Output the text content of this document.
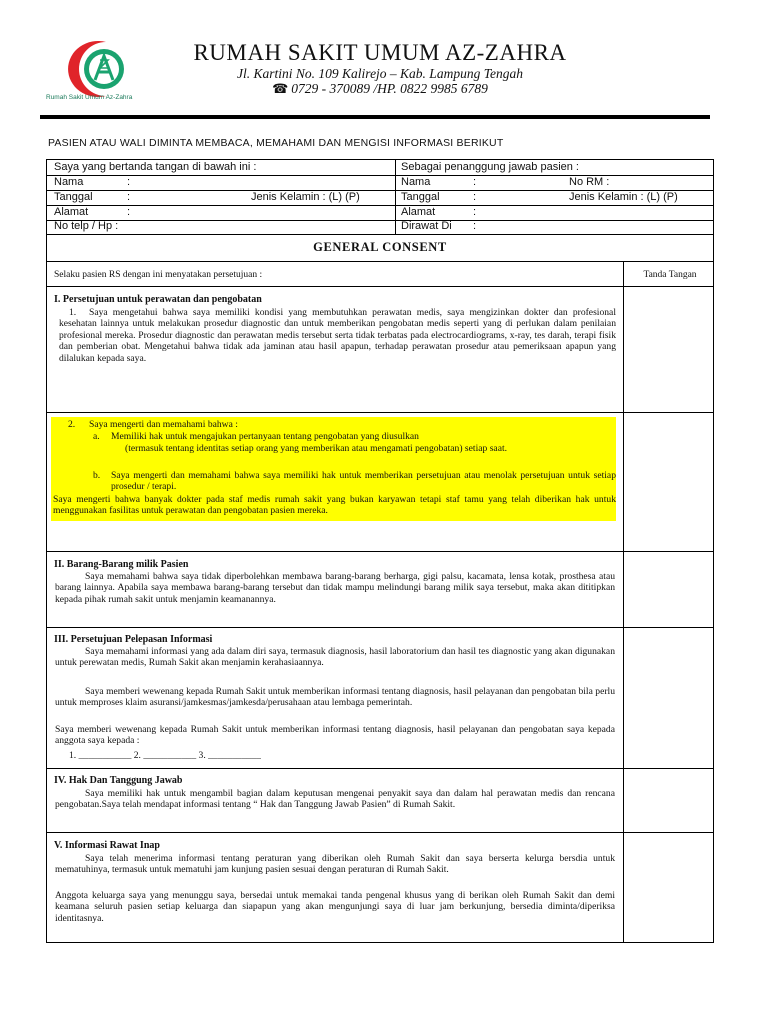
Rumah Sakit Umum Az-Zahra
RUMAH SAKIT UMUM AZ-ZAHRA
Jl. Kartini No. 109 Kalirejo – Kab. Lampung Tengah
☎ 0729 - 370089 /HP. 0822 9985 6789
PASIEN ATAU WALI DIMINTA MEMBACA, MEMAHAMI DAN MENGISI INFORMASI BERIKUT
Saya yang bertanda tangan di bawah ini :	Sebagai penanggung jawab pasien :
Nama	:	Nama	:	No RM :
Tanggal	:	Jenis Kelamin : (L) (P)	Tanggal	:	Jenis Kelamin : (L) (P)
Alamat	:	Alamat	:
No telp / Hp :	Dirawat Di :
GENERAL CONSENT
Selaku pasien RS dengan ini menyatakan persetujuan :	Tanda Tangan
I. Persetujuan untuk perawatan dan pengobatan
1.	Saya mengetahui bahwa saya memiliki kondisi yang membutuhkan perawatan medis, saya mengizinkan dokter dan profesional kesehatan lainnya untuk melakukan prosedur diagnostic dan untuk memberikan pengobatan medis seperti yang di perlukan dalam penilaian profesional mereka. Prosedur diagnostic dan perawatan medis tersebut serta tidak terbatas pada electrocardiograms, x-ray, tes darah, terapi fisik dan pemberian obat. Mengetahui bahwa tidak ada jaminan atau hasil apapun, terhadap perawatan prosedur atau pemeriksaan apapun yang dilalukan kepada saya.
2. Saya mengerti dan memahami bahwa :
a. Memiliki hak untuk mengajukan pertanyaan tentang pengobatan yang diusulkan
(termasuk tentang identitas setiap orang yang memberikan atau mengamati pengobatan) setiap saat.
b. Saya mengerti dan memahami bahwa saya memiliki hak untuk memberikan persetujuan atau menolak persetujuan untuk setiap prosedur / terapi.
Saya mengerti bahwa banyak dokter pada staf medis rumah sakit yang bukan karyawan tetapi staf tamu yang telah diberikan hak untuk menggunakan fasilitas untuk perawatan dan pengobatan pasien mereka.
II. Barang-Barang milik Pasien
Saya memahami bahwa saya tidak diperbolehkan membawa barang-barang berharga, gigi palsu, kacamata, lensa kotak, prosthesa atau barang lainnya. Apabila saya membawa barang-barang tersebut dan tidak mampu melindungi barang milik saya tersebut, maka akan dititipkan kepada pihak rumah sakit untuk menjamin keamanannya.
III. Persetujuan Pelepasan Informasi
Saya memahami informasi yang ada dalam diri saya, termasuk diagnosis, hasil laboratorium dan hasil tes diagnostic yang akan digunakan untuk perewatan medis, Rumah Sakit akan menjamin kerahasiaannya.
Saya memberi wewenang kepada Rumah Sakit untuk memberikan informasi tentang diagnosis, hasil pelayanan dan pengobatan bila perlu untuk memproses klaim asuransi/jamkesmas/jamkesda/perusahaan atau lembaga pemerintah.
Saya memberi wewenang kepada Rumah Sakit untuk memberikan informasi tentang diagnosis, hasil pelayanan dan pengobatan saya kepada anggota saya kepada :
1. ___________ 2. ___________ 3. ___________
IV. Hak Dan Tanggung Jawab
Saya memiliki hak untuk mengambil bagian dalam keputusan mengenai penyakit saya dan dalam hal perawatan medis dan rencana pengobatan.Saya telah mendapat informasi tentang “ Hak dan Tanggung Jawab Pasien” di Rumah Sakit.
V. Informasi Rawat Inap
Saya telah menerima informasi tentang peraturan yang diberikan oleh Rumah Sakit dan saya berserta kelurga bersdia untuk mematuhinya, termasuk untuk mematuhi jam kunjung pasien sesuai dengan peraturan di Rumah Sakit.
Anggota keluarga saya yang menunggu saya, bersedai untuk memakai tanda pengenal khusus yang di berikan oleh Rumah Sakit dan demi keamana seluruh pasien setiap keluarga dan siapapun yang akan mengunjungi saya di luar jam berkunjung, bersedia diminta/diperiksa identitasnya.
